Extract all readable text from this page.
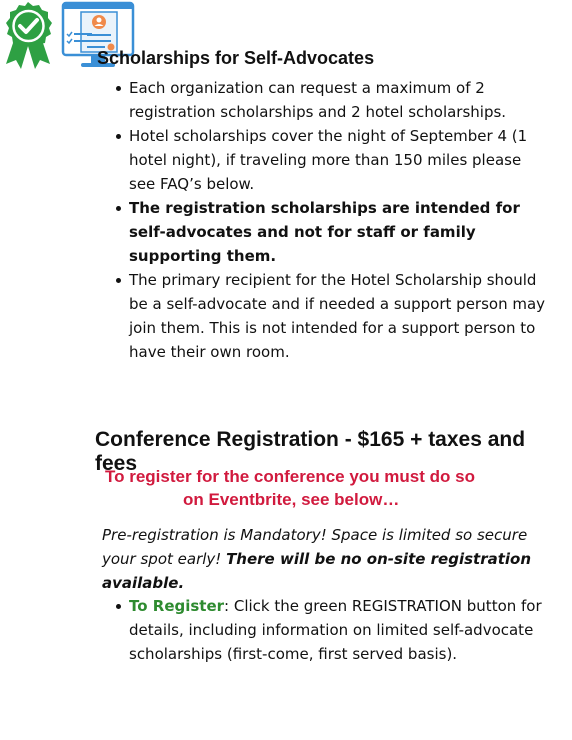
Scholarships for Self-Advocates

Each organization can request a maximum of 2 registration scholarships and 2 hotel scholarships.
Hotel scholarships cover the night of September 4 (1 hotel night), if traveling more than 150 miles please see FAQ’s below.
The registration scholarships are intended for self-advocates and not for staff or family supporting them.
The primary recipient for the Hotel Scholarship should be a self-advocate and if needed a support person may join them. This is not intended for a support person to have their own room.
Conference Registration - $165 + taxes and fees
To register for the conference you must do so
on Eventbrite, see below…
Pre-registration is Mandatory! Space is limited so secure your spot early! There will be no on-site registration available.
To Register: Click the green REGISTRATION button for details, including information on limited self-advocate scholarships (first-come, first served basis).
